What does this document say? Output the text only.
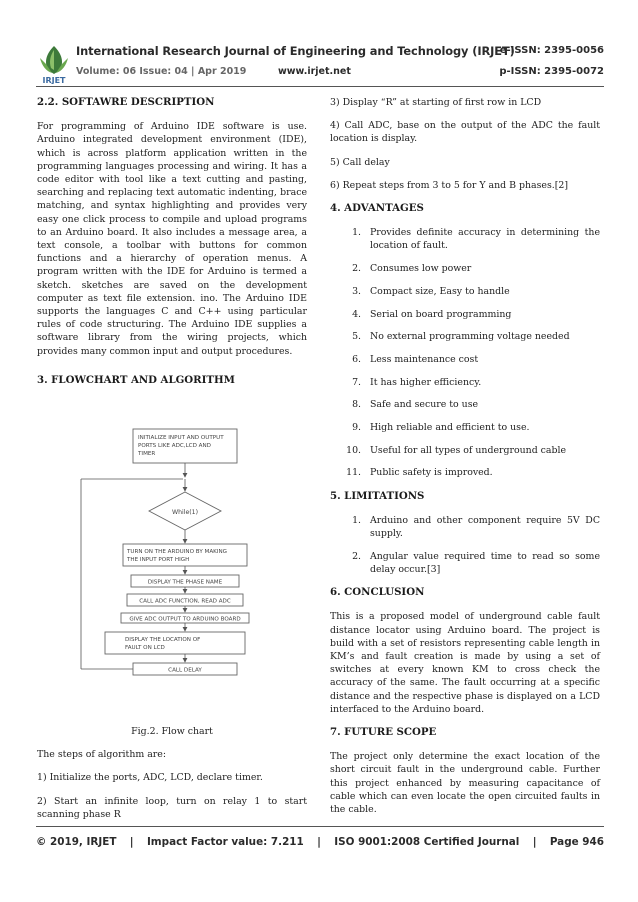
IRJET
International Research Journal of Engineering and Technology (IRJET)
e-ISSN: 2395-0056
Volume: 06 Issue: 04 | Apr 2019	www.irjet.net	p-ISSN: 2395-0072
2.2. SOFTAWRE DESCRIPTION

For programming of Arduino IDE software is use. Arduino integrated development environment (IDE), which is across platform application written in the programming languages processing and wiring. It has a code editor with tool like a text cutting and pasting, searching and replacing text automatic indenting, brace matching, and syntax highlighting and provides very easy one click process to compile and upload programs to an Arduino board. It also includes a message area, a text console, a toolbar with buttons for common functions and a hierarchy of operation menus. A program written with the IDE for Arduino is termed a sketch. sketches are saved on the development computer as text file extension. ino. The Arduino IDE supports the languages C and C++ using particular rules of code structuring. The Arduino IDE supplies a software library from the wiring projects, which provides many common input and output procedures.

3. FLOWCHART AND ALGORITHM
INITIALIZE INPUT AND OUTPUT
PORTS LIKE ADC,LCD AND
TIMER
While(1)
TURN ON THE ARDUINO BY MAKING
THE INPUT PORT HIGH
DISPLAY THE PHASE NAME
CALL ADC FUNCTION, READ ADC
GIVE ADC OUTPUT TO ARDUINO BOARD
DISPLAY THE LOCATION OF
FAULT ON LCD
CALL DELAY
Fig.2. Flow chart

The steps of algorithm are:

1) Initialize the ports, ADC, LCD, declare timer.

2) Start an infinite loop, turn on relay 1 to start scanning phase R

3) Display “R” at starting of first row in LCD

4) Call ADC, base on the output of the ADC the fault location is display.

5) Call delay

6) Repeat steps from 3 to 5 for Y and B phases.[2]

4. ADVANTAGES
1. Provides definite accuracy in determining the location of fault.
2. Consumes low power
3. Compact size, Easy to handle
4. Serial on board programming
5. No external programming voltage needed
6. Less maintenance cost
7. It has higher efficiency.
8. Safe and secure to use
9. High reliable and efficient to use.
10. Useful for all types of underground cable
11. Public safety is improved.
5. LIMITATIONS
1. Arduino and other component require 5V DC supply.
2. Angular value required time to read so some delay occur.[3]
6. CONCLUSION

This is a proposed model of underground cable fault distance locator using Arduino board. The project is build with a set of resistors representing cable length in KM’s and fault creation is made by using a set of switches at every known KM to cross check the accuracy of the same. The fault occurring at a specific distance and the respective phase is displayed on a LCD interfaced to the Arduino board.

7. FUTURE SCOPE

The project only determine the exact location of the short circuit fault in the underground cable. Further this project enhanced by measuring capacitance of cable which can even locate the open circuited faults in the cable.

© 2019, IRJET | Impact Factor value: 7.211 | ISO 9001:2008 Certified Journal | Page 946
